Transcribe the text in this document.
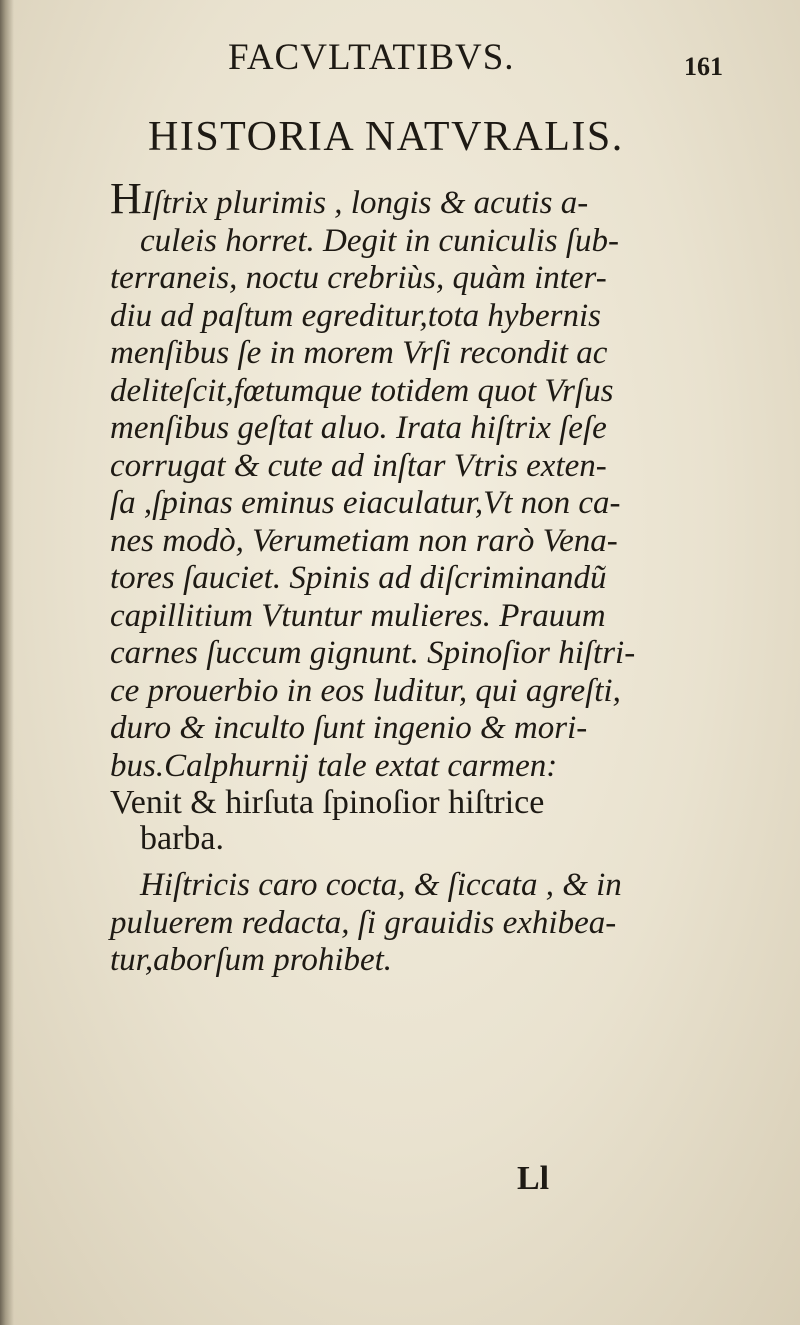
FACVLTATIBVS.	161
HISTORIA NATVRALIS.
HIſtrix plurimis , longis & acutis a-
culeis horret. Degit in cuniculis ſub-
terraneis, noctu crebriùs, quàm inter-
diu ad paſtum egreditur,tota hybernis
menſibus ſe in morem Vrſi recondit ac
delitеſcit,fœtumque totidem quot Vrſus
menſibus geſtat aluo. Irata hiſtrix ſeſe
corrugat & cute ad inſtar Vtris exten-
ſa ,ſpinas eminus eiaculatur,Vt non ca-
nes modò, Verumetiam non rarò Vena-
tores ſauciet. Spinis ad diſcriminandũ
capillitium Vtuntur mulieres. Prauum
carnes ſuccum gignunt. Spinoſior hiſtri-
ce prouerbio in eos luditur, qui agreſti,
duro & inculto ſunt ingenio & mori-
bus.Calphurnij tale extat carmen:
Venit & hirſuta ſpinoſior hiſtrice
barba.
Hiſtricis caro cocta, & ſiccata , & in
puluerem redacta, ſi grauidis exhibea-
tur,aborſum prohibet.
Ll
